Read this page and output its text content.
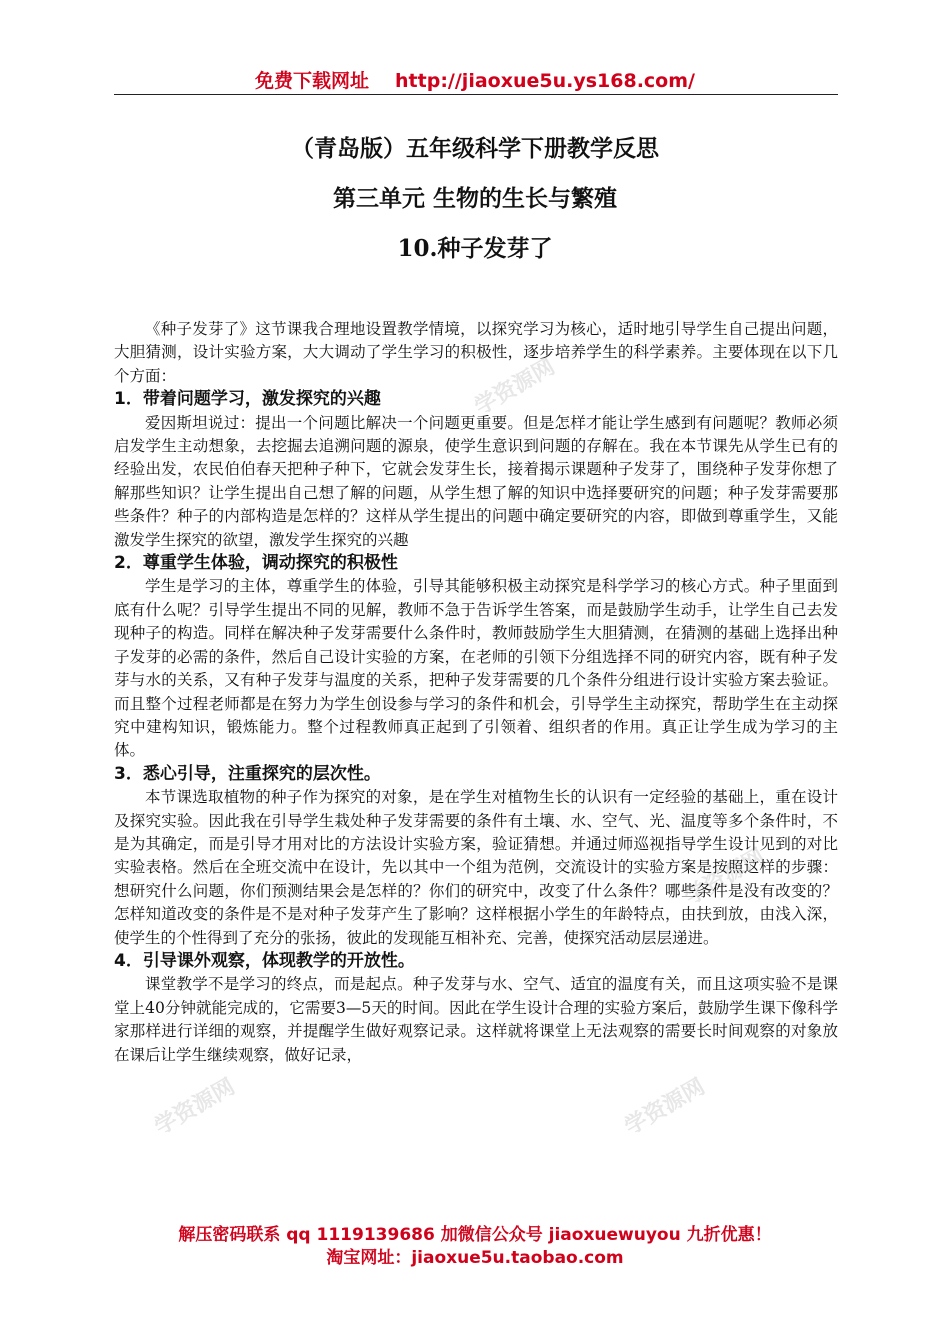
免费下载网址 http://jiaoxue5u.ys168.com/
（青岛版）五年级科学下册教学反思
第三单元 生物的生长与繁殖
10.种子发芽了
学资源网
学资源网
学资源网	学资源网

《种子发芽了》这节课我合理地设置教学情境，以探究学习为核心，适时地引导学生自己提出问题，大胆猜测，设计实验方案，大大调动了学生学习的积极性，逐步培养学生的科学素养。主要体现在以下几个方面：

1．带着问题学习，激发探究的兴趣

爱因斯坦说过：提出一个问题比解决一个问题更重要。但是怎样才能让学生感到有问题呢？教师必须启发学生主动想象，去挖掘去追溯问题的源泉，使学生意识到问题的存解在。我在本节课先从学生已有的经验出发，农民伯伯春天把种子种下，它就会发芽生长，接着揭示课题种子发芽了，围绕种子发芽你想了解那些知识？让学生提出自己想了解的问题，从学生想了解的知识中选择要研究的问题；种子发芽需要那些条件？种子的内部构造是怎样的？这样从学生提出的问题中确定要研究的内容，即做到尊重学生，又能激发学生探究的欲望，激发学生探究的兴趣

2．尊重学生体验，调动探究的积极性

学生是学习的主体，尊重学生的体验，引导其能够积极主动探究是科学学习的核心方式。种子里面到底有什么呢？引导学生提出不同的见解，教师不急于告诉学生答案，而是鼓励学生动手，让学生自己去发现种子的构造。同样在解决种子发芽需要什么条件时，教师鼓励学生大胆猜测，在猜测的基础上选择出种子发芽的必需的条件，然后自己设计实验的方案，在老师的引领下分组选择不同的研究内容，既有种子发芽与水的关系，又有种子发芽与温度的关系，把种子发芽需要的几个条件分组进行设计实验方案去验证。而且整个过程老师都是在努力为学生创设参与学习的条件和机会，引导学生主动探究，帮助学生在主动探究中建构知识，锻炼能力。整个过程教师真正起到了引领着、组织者的作用。真正让学生成为学习的主体。

3．悉心引导，注重探究的层次性。

本节课选取植物的种子作为探究的对象，是在学生对植物生长的认识有一定经验的基础上，重在设计及探究实验。因此我在引导学生栽处种子发芽需要的条件有土壤、水、空气、光、温度等多个条件时，不是为其确定，而是引导才用对比的方法设计实验方案，验证猜想。并通过师巡视指导学生设计见到的对比实验表格。然后在全班交流中在设计，先以其中一个组为范例，交流设计的实验方案是按照这样的步骤：想研究什么问题，你们预测结果会是怎样的？你们的研究中，改变了什么条件？哪些条件是没有改变的？怎样知道改变的条件是不是对种子发芽产生了影响？这样根据小学生的年龄特点，由扶到放，由浅入深，使学生的个性得到了充分的张扬，彼此的发现能互相补充、完善，使探究活动层层递进。

4．引导课外观察，体现教学的开放性。

课堂教学不是学习的终点，而是起点。种子发芽与水、空气、适宜的温度有关，而且这项实验不是课堂上40分钟就能完成的，它需要3—5天的时间。因此在学生设计合理的实验方案后，鼓励学生课下像科学家那样进行详细的观察，并提醒学生做好观察记录。这样就将课堂上无法观察的需要长时间观察的对象放在课后让学生继续观察，做好记录，

解压密码联系 qq 1119139686 加微信公众号 jiaoxuewuyou 九折优惠！
淘宝网址：jiaoxue5u.taobao.com
